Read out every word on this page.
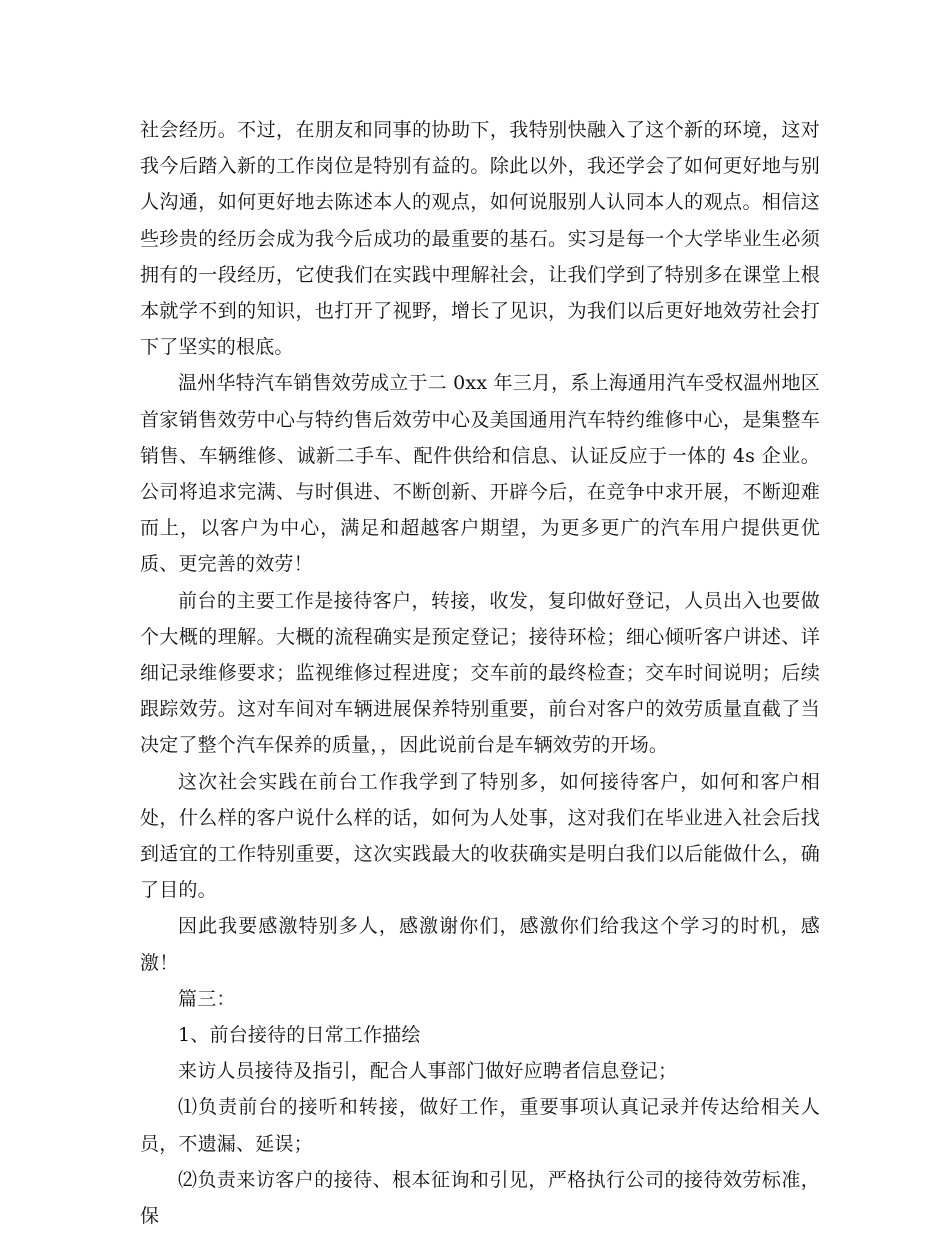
社会经历。不过，在朋友和同事的协助下，我特别快融入了这个新的环境，这对我今后踏入新的工作岗位是特别有益的。除此以外，我还学会了如何更好地与别人沟通，如何更好地去陈述本人的观点，如何说服别人认同本人的观点。相信这些珍贵的经历会成为我今后成功的最重要的基石。实习是每一个大学毕业生必须拥有的一段经历，它使我们在实践中理解社会，让我们学到了特别多在课堂上根本就学不到的知识，也打开了视野，增长了见识，为我们以后更好地效劳社会打下了坚实的根底。

温州华特汽车销售效劳成立于二 0xx 年三月，系上海通用汽车受权温州地区首家销售效劳中心与特约售后效劳中心及美国通用汽车特约维修中心，是集整车销售、车辆维修、诚新二手车、配件供给和信息、认证反应于一体的 4s 企业。公司将追求完满、与时俱进、不断创新、开辟今后，在竞争中求开展，不断迎难而上，以客户为中心，满足和超越客户期望，为更多更广的汽车用户提供更优质、更完善的效劳！

前台的主要工作是接待客户，转接，收发，复印做好登记，人员出入也要做个大概的理解。大概的流程确实是预定登记；接待环检；细心倾听客户讲述、详细记录维修要求；监视维修过程进度；交车前的最终检查；交车时间说明；后续跟踪效劳。这对车间对车辆进展保养特别重要，前台对客户的效劳质量直截了当决定了整个汽车保养的质量，，因此说前台是车辆效劳的开场。

这次社会实践在前台工作我学到了特别多，如何接待客户，如何和客户相处，什么样的客户说什么样的话，如何为人处事，这对我们在毕业进入社会后找到适宜的工作特别重要，这次实践最大的收获确实是明白我们以后能做什么，确了目的。

因此我要感激特别多人，感激谢你们，感激你们给我这个学习的时机，感激！

篇三：

1、前台接待的日常工作描绘

来访人员接待及指引，配合人事部门做好应聘者信息登记；

⑴负责前台的接听和转接，做好工作，重要事项认真记录并传达给相关人员，不遗漏、延误；

⑵负责来访客户的接待、根本征询和引见，严格执行公司的接待效劳标准，保
